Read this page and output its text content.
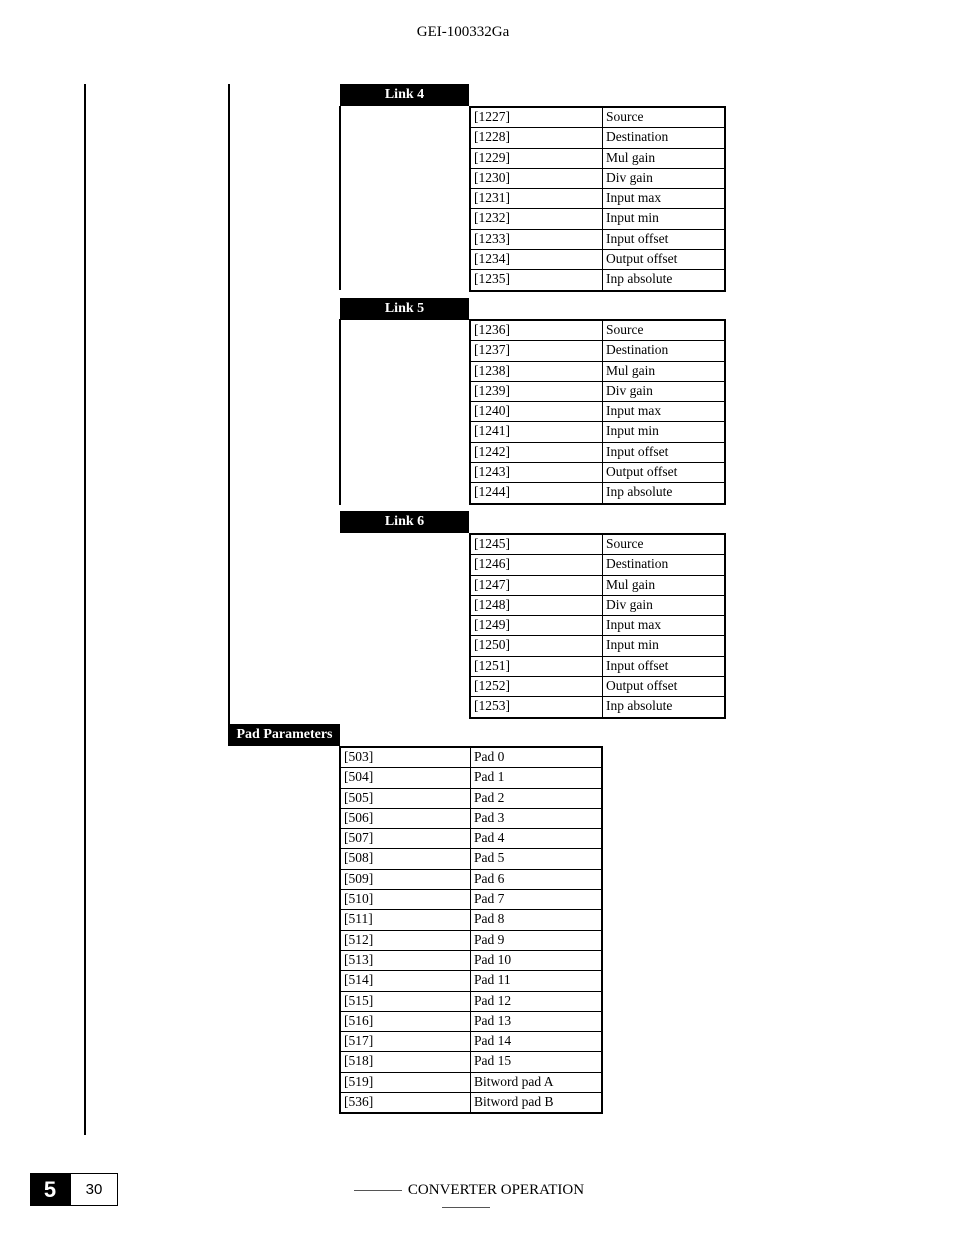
GEI-100332Ga
Link 4
[1227]	Source
[1228]	Destination
[1229]	Mul gain
[1230]	Div gain
[1231]	Input max
[1232]	Input min
[1233]	Input offset
[1234]	Output offset
[1235]	Inp absolute
Link 5
[1236]	Source
[1237]	Destination
[1238]	Mul gain
[1239]	Div gain
[1240]	Input max
[1241]	Input min
[1242]	Input offset
[1243]	Output offset
[1244]	Inp absolute
Link 6
[1245]	Source
[1246]	Destination
[1247]	Mul gain
[1248]	Div gain
[1249]	Input max
[1250]	Input min
[1251]	Input offset
[1252]	Output offset
[1253]	Inp absolute
Pad Parameters
[503]	Pad 0
[504]	Pad 1
[505]	Pad 2
[506]	Pad 3
[507]	Pad 4
[508]	Pad 5
[509]	Pad 6
[510]	Pad 7
[511]	Pad 8
[512]	Pad 9
[513]	Pad 10
[514]	Pad 11
[515]	Pad 12
[516]	Pad 13
[517]	Pad 14
[518]	Pad 15
[519]	Bitword pad A
[536]	Bitword pad B
CONVERTER OPERATION
5	30
